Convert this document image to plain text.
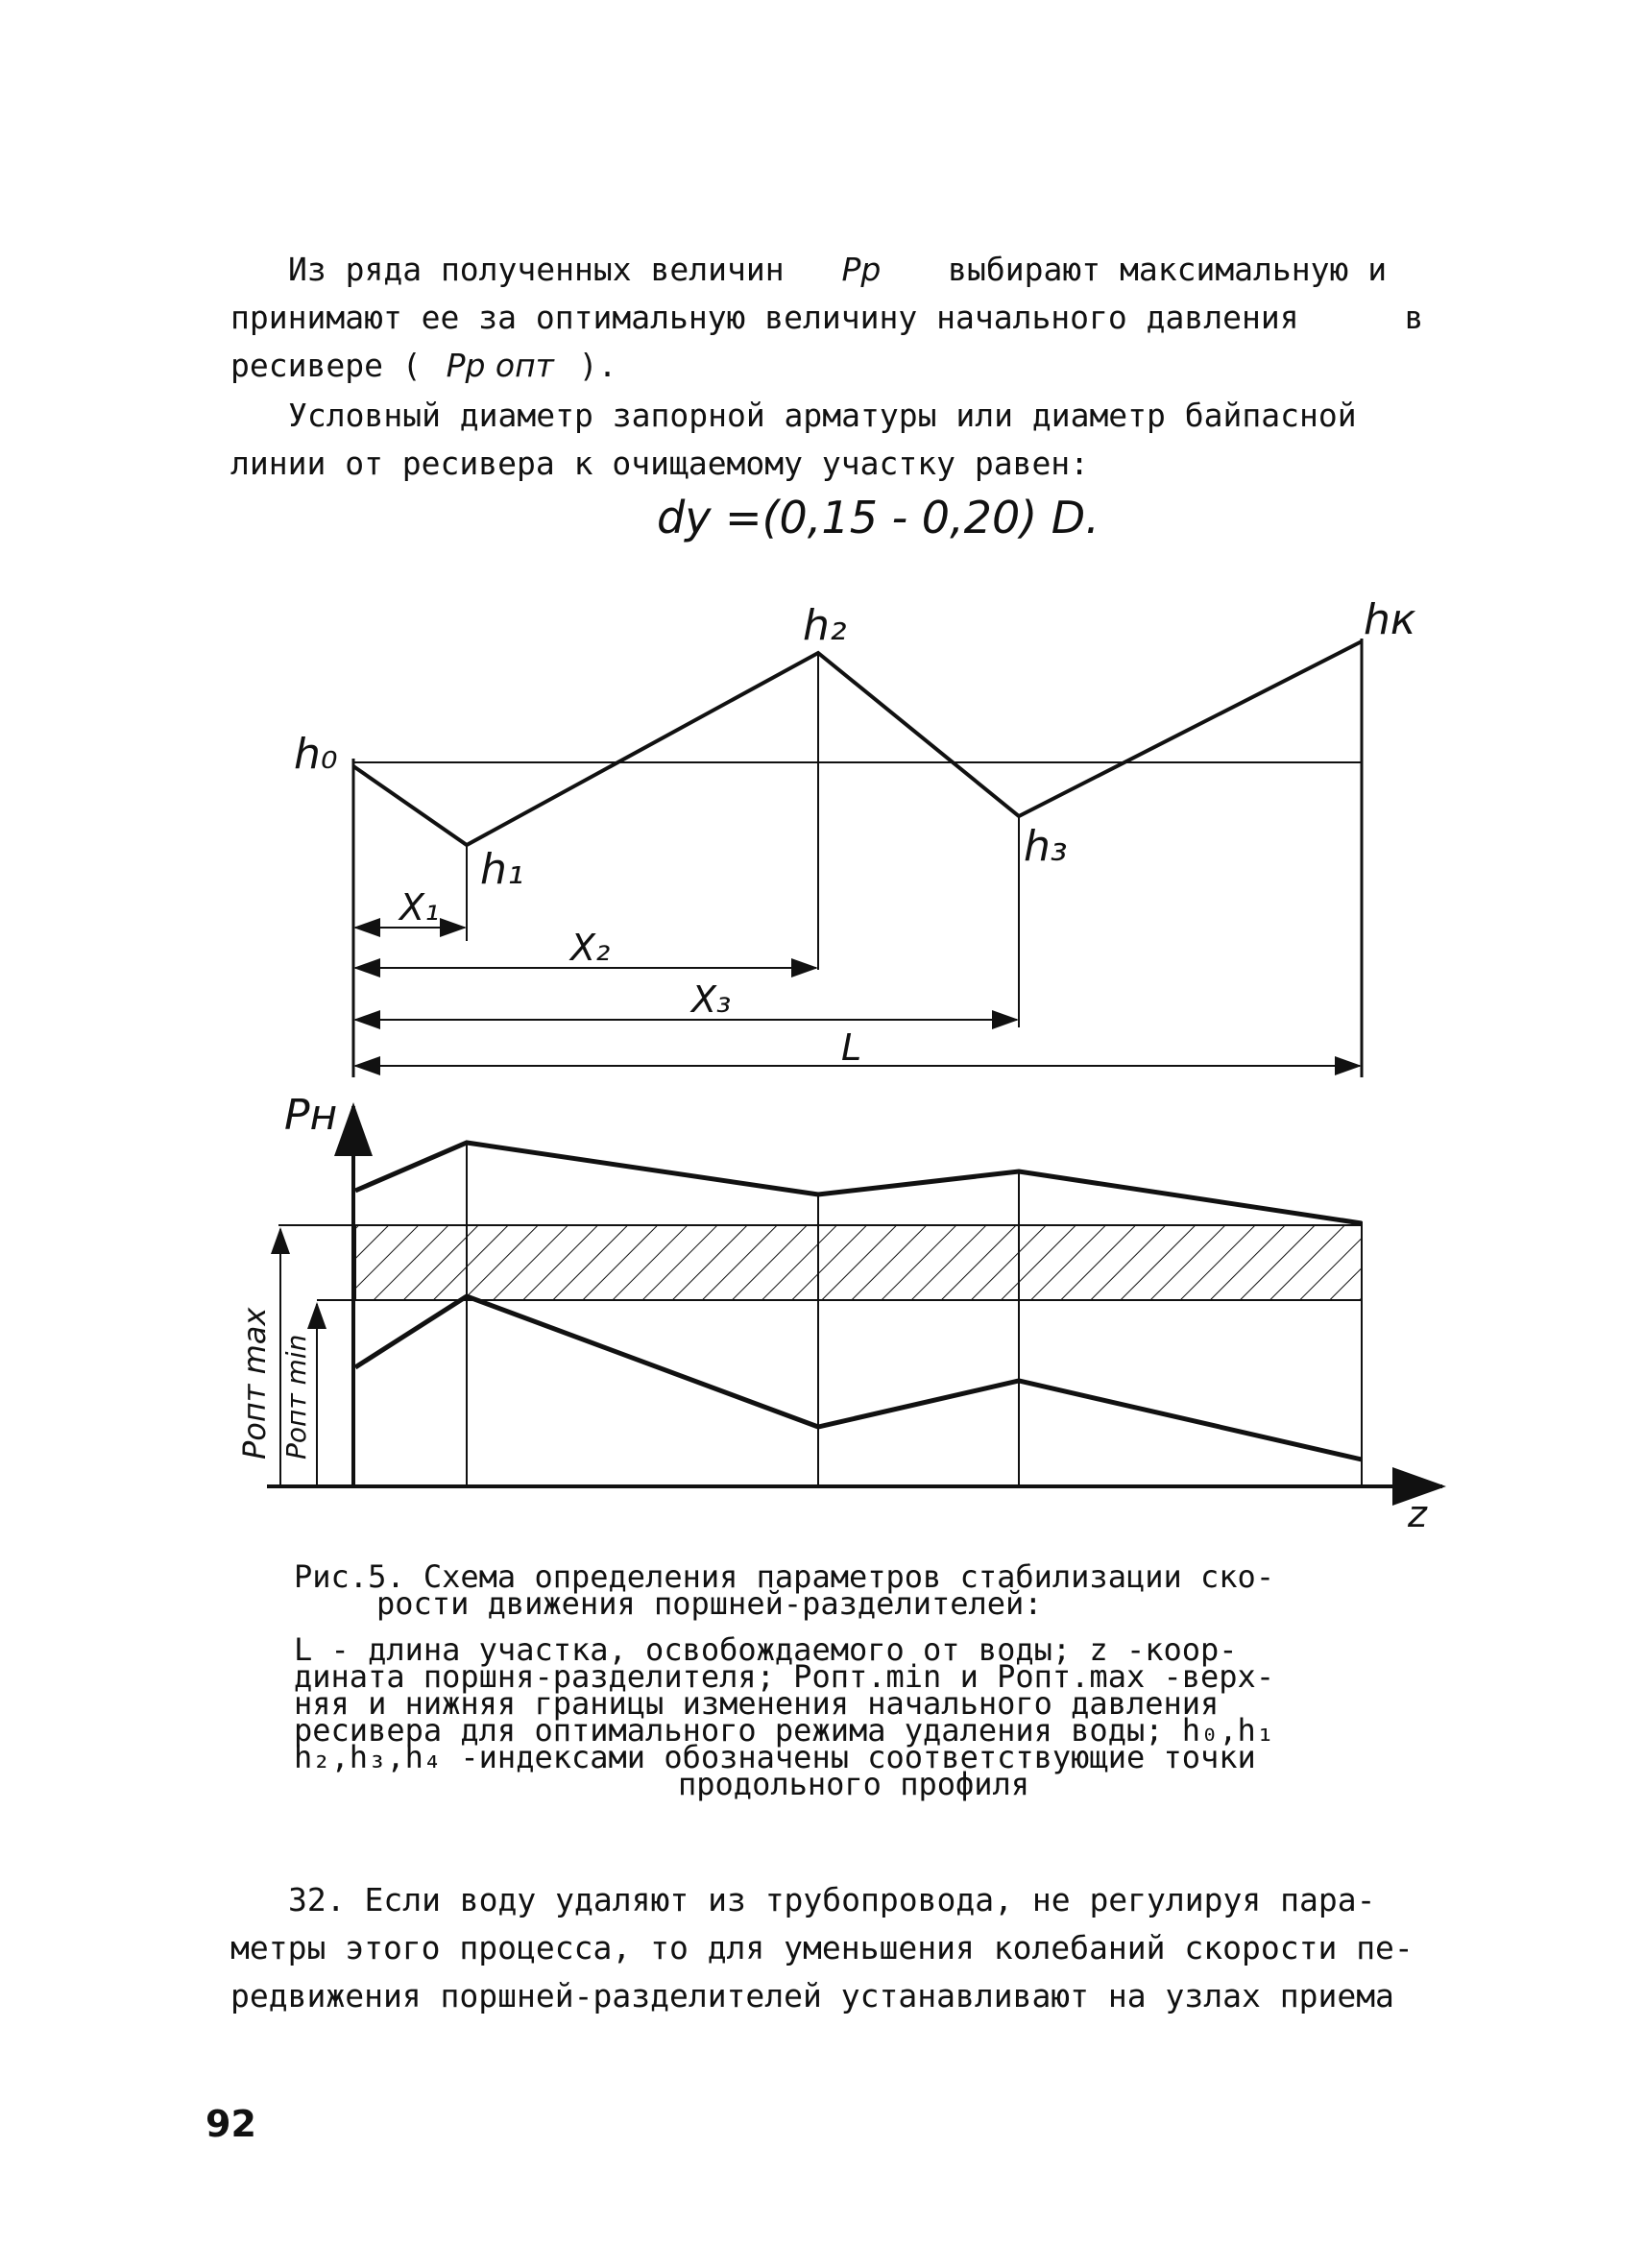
Из ряда полученных величин Pр выбирают максимальную и
принимают ее за оптимальную величину начального давления	в
ресивере ( Pр опт ).
Условный диаметр запорной арматуры или диаметр байпасной
линии от ресивера к очищаемому участку равен:
dу =(0,15 - 0,20) D.
h₀
h₁
h₂
h₃
hк
X₁
X₂
X₃
L
Pн
z
Pопт max Pопт min
Рис.5. Схема определения параметров стабилизации ско-
рости движения поршней-разделителей:
L - длина участка, освобождаемого от воды; z -коор-
дината поршня-разделителя; Pопт.min и Pопт.max -верх-
няя и нижняя границы изменения начального давления
ресивера для оптимального режима удаления воды; h₀,h₁
h₂,h₃,h₄ -индексами обозначены соответствующие точки
продольного профиля
32. Если воду удаляют из трубопровода, не регулируя пара-
метры этого процесса, то для уменьшения колебаний скорости пе-
редвижения поршней-разделителей устанавливают на узлах приема
92
